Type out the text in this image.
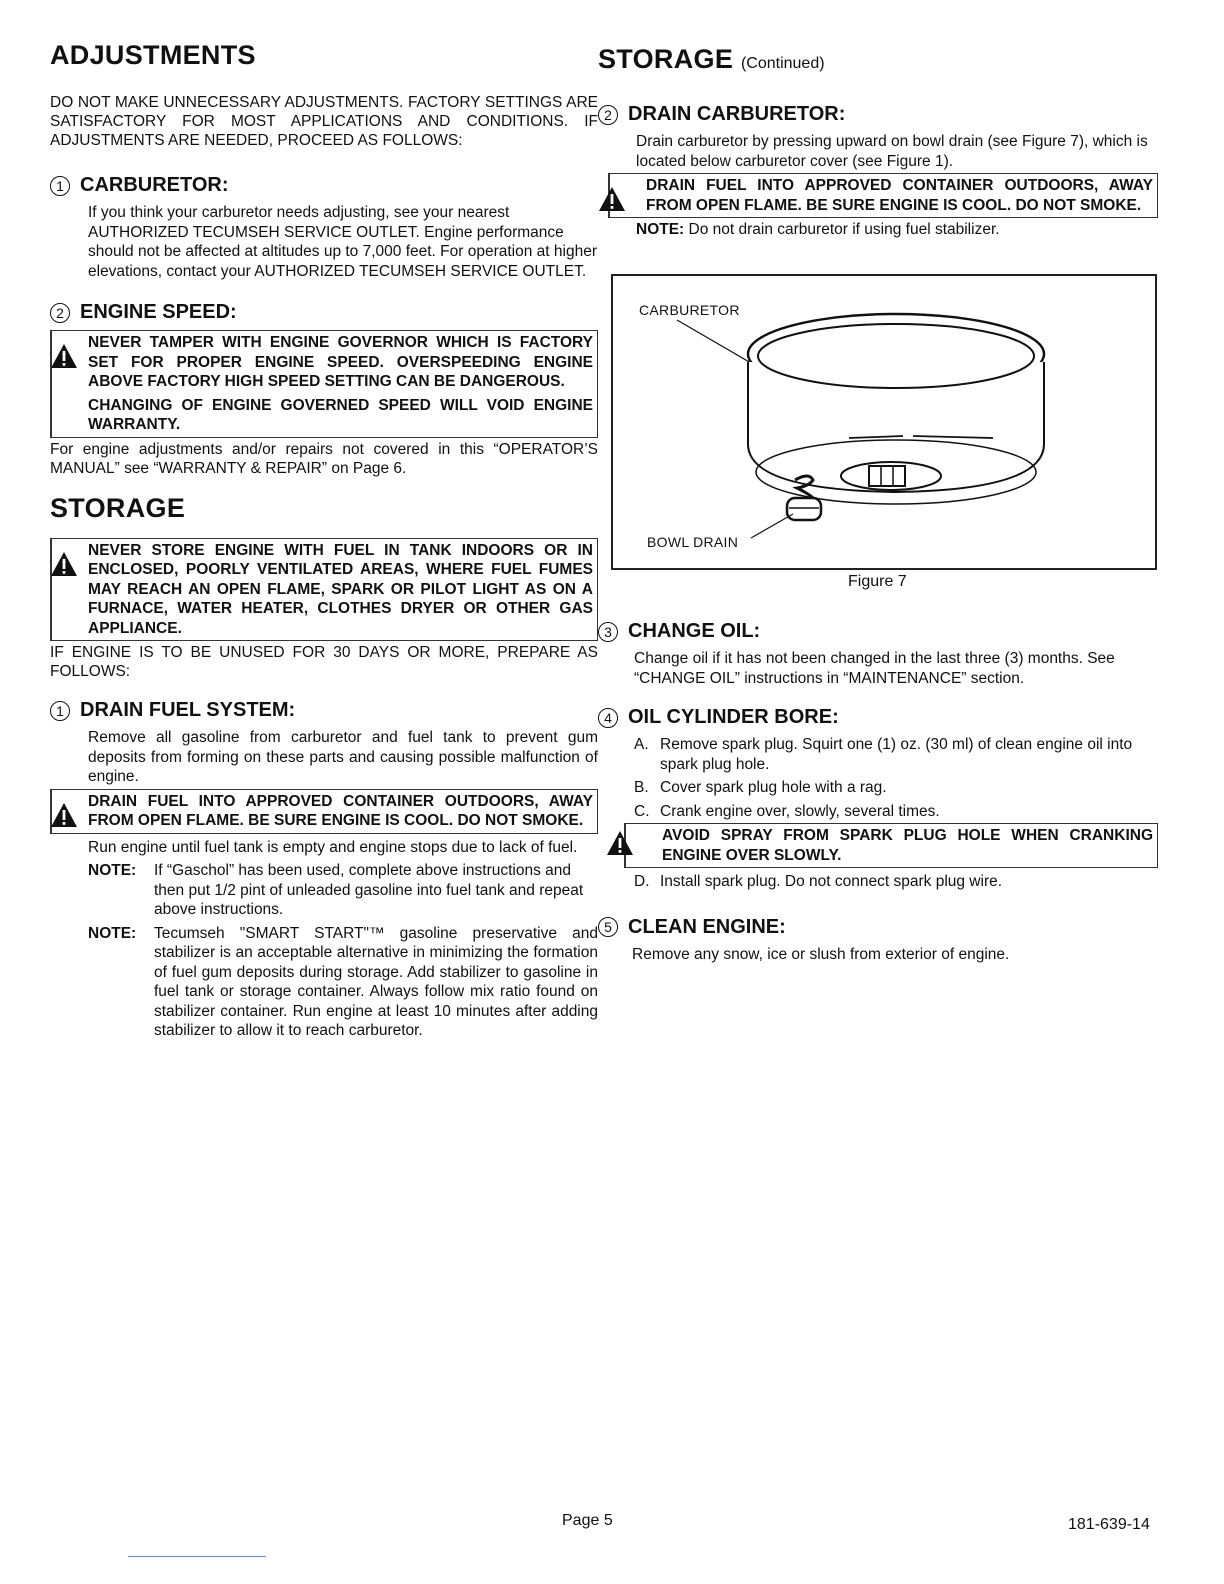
ADJUSTMENTS

DO NOT MAKE UNNECESSARY ADJUSTMENTS. FACTORY SETTINGS ARE SATISFACTORY FOR MOST APPLICATIONS AND CONDITIONS. IF ADJUSTMENTS ARE NEEDED, PROCEED AS FOLLOWS:

1 CARBURETOR:

If you think your carburetor needs adjusting, see your nearest AUTHORIZED TECUMSEH SERVICE OUTLET. Engine performance should not be affected at altitudes up to 7,000 feet. For operation at higher elevations, contact your AUTHORIZED TECUMSEH SERVICE OUTLET.

2 ENGINE SPEED:

NEVER TAMPER WITH ENGINE GOVERNOR WHICH IS FACTORY SET FOR PROPER ENGINE SPEED. OVERSPEEDING ENGINE ABOVE FACTORY HIGH SPEED SETTING CAN BE DANGEROUS.

CHANGING OF ENGINE GOVERNED SPEED WILL VOID ENGINE WARRANTY.

For engine adjustments and/or repairs not covered in this “OPERATOR’S MANUAL” see “WARRANTY & REPAIR” on Page 6.

STORAGE

NEVER STORE ENGINE WITH FUEL IN TANK INDOORS OR IN ENCLOSED, POORLY VENTILATED AREAS, WHERE FUEL FUMES MAY REACH AN OPEN FLAME, SPARK OR PILOT LIGHT AS ON A FURNACE, WATER HEATER, CLOTHES DRYER OR OTHER GAS APPLIANCE.

IF ENGINE IS TO BE UNUSED FOR 30 DAYS OR MORE, PREPARE AS FOLLOWS:

1 DRAIN FUEL SYSTEM:

Remove all gasoline from carburetor and fuel tank to prevent gum deposits from forming on these parts and causing possible malfunction of engine.

DRAIN FUEL INTO APPROVED CONTAINER OUTDOORS, AWAY FROM OPEN FLAME. BE SURE ENGINE IS COOL. DO NOT SMOKE.

Run engine until fuel tank is empty and engine stops due to lack of fuel.

NOTE:	If “Gaschol” has been used, complete above instructions and then put 1/2 pint of unleaded gasoline into fuel tank and repeat above instructions.

NOTE:	Tecumseh "SMART START"™ gasoline preservative and stabilizer is an acceptable alternative in minimizing the formation of fuel gum deposits during storage. Add stabilizer to gasoline in fuel tank or storage container. Always follow mix ratio found on stabilizer container. Run engine at least 10 minutes after adding stabilizer to allow it to reach carburetor.

STORAGE (Continued)

2 DRAIN CARBURETOR:

Drain carburetor by pressing upward on bowl drain (see Figure 7), which is located below carburetor cover (see Figure 1).

DRAIN FUEL INTO APPROVED CONTAINER OUTDOORS, AWAY FROM OPEN FLAME. BE SURE ENGINE IS COOL. DO NOT SMOKE.

NOTE: Do not drain carburetor if using fuel stabilizer.

CARBURETOR
BOWL DRAIN
Figure 7

3 CHANGE OIL:

Change oil if it has not been changed in the last three (3) months. See “CHANGE OIL” instructions in “MAINTENANCE” section.

4 OIL CYLINDER BORE:

A. Remove spark plug. Squirt one (1) oz. (30 ml) of clean engine oil into spark plug hole.

B. Cover spark plug hole with a rag.

C. Crank engine over, slowly, several times.

AVOID SPRAY FROM SPARK PLUG HOLE WHEN CRANKING ENGINE OVER SLOWLY.

D. Install spark plug. Do not connect spark plug wire.

5 CLEAN ENGINE:

Remove any snow, ice or slush from exterior of engine.

Page 5	181-639-14
